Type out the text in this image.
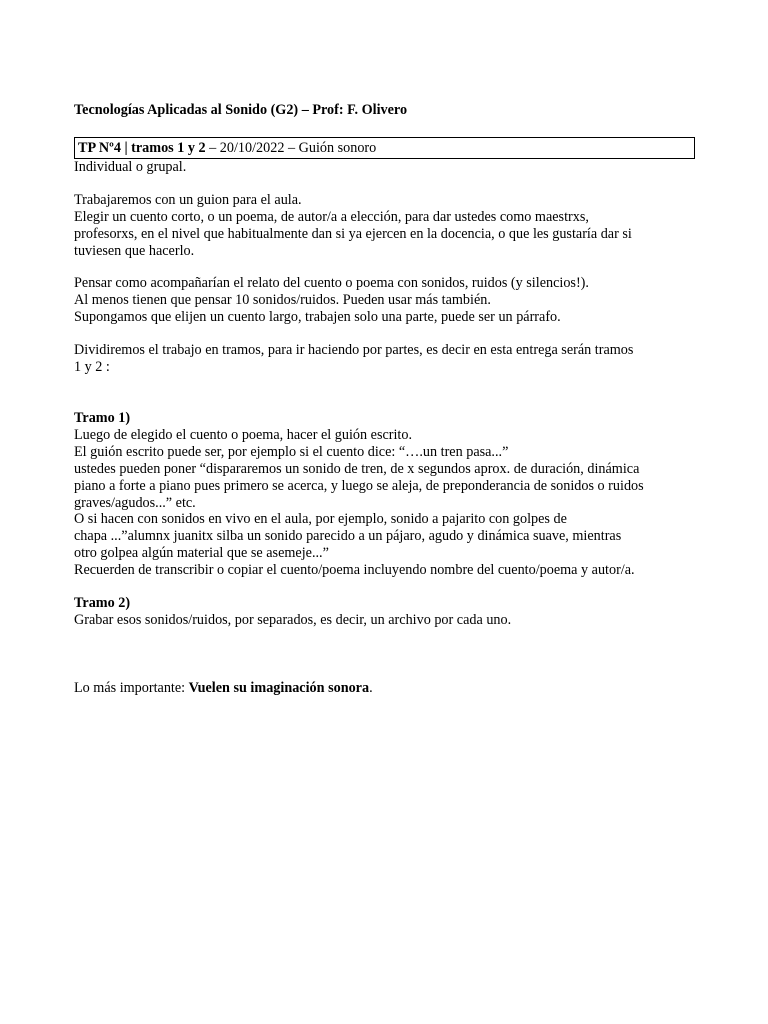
Tecnologías Aplicadas al Sonido (G2) – Prof: F. Olivero
TP Nº4 | tramos 1 y 2 – 20/10/2022 – Guión sonoro
Individual o grupal.
Trabajaremos con un guion para el aula.
Elegir un cuento corto, o un poema, de autor/a a elección, para dar ustedes como maestrxs,
profesorxs, en el nivel que habitualmente dan si ya ejercen en la docencia, o que les gustaría dar si
tuviesen que hacerlo.
Pensar como acompañarían el relato del cuento o poema con sonidos, ruidos (y silencios!).
Al menos tienen que pensar 10 sonidos/ruidos. Pueden usar más también.
Supongamos que elijen un cuento largo, trabajen solo una parte, puede ser un párrafo.
Dividiremos el trabajo en tramos, para ir haciendo por partes, es decir en esta entrega serán tramos
1 y 2 :
Tramo 1)
Luego de elegido el cuento o poema, hacer el guión escrito.
El guión escrito puede ser, por ejemplo si el cuento dice: “….un tren pasa...”
ustedes pueden poner “dispararemos un sonido de tren, de x segundos aprox. de duración, dinámica
piano a forte a piano pues primero se acerca, y luego se aleja, de preponderancia de sonidos o ruidos
graves/agudos...” etc.
O si hacen con sonidos en vivo en el aula, por ejemplo, sonido a pajarito con golpes de
chapa ...”alumnx juanitx silba un sonido parecido a un pájaro, agudo y dinámica suave, mientras
otro golpea algún material que se asemeje...”
Recuerden de transcribir o copiar el cuento/poema incluyendo nombre del cuento/poema y autor/a.
Tramo 2)
Grabar esos sonidos/ruidos, por separados, es decir, un archivo por cada uno.
Lo más importante: Vuelen su imaginación sonora.
